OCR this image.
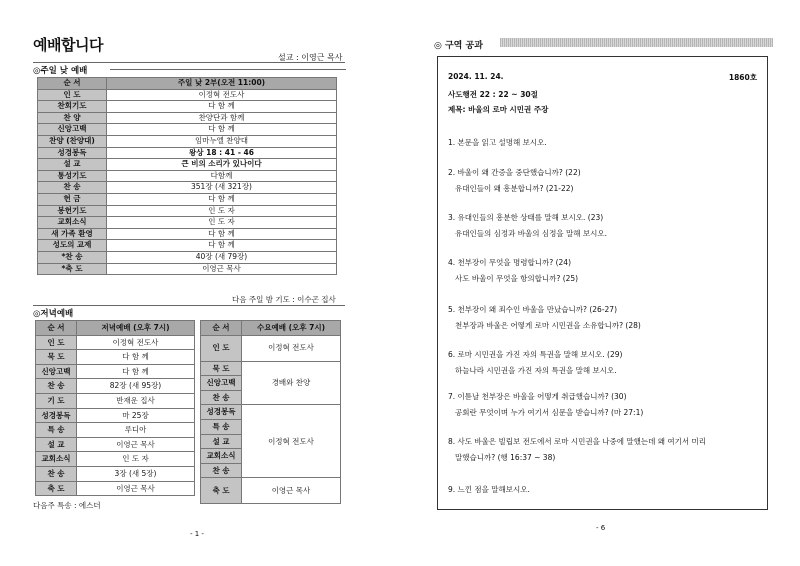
예배합니다
설교 : 이영근 목사
◎주일 낮 예배
순 서	주일 낮 2부(오전 11:00)
인 도	이정혁 전도사
찬회기도	다 함 께
찬 양	찬양단과 함께
신앙고백	다 함 께
찬양 (찬양대)	임마누엘 찬양대
성경봉독	왕상 18 : 41 - 46
설 교	큰 비의 소리가 있나이다
통성기도	다함께
찬 송	351장 (새 321장)
헌 금	다 함 께
봉헌기도	인 도 자
교회소식	인 도 자
새 가족 환영	다 함 께
성도의 교제	다 함 께
*찬 송	40장 (새 79장)
*축 도	이영근 목사
다음 주일 밤 기도 : 이수곤 집사
◎저녁예배
순 서	저녁예배 (오후 7시)
인 도	이정혁 전도사
묵 도	다 함 께
신앙고백	다 함 께
찬 송	82장 (새 95장)
기 도	반재운 집사
성경봉독	마 25장
특 송	루디아
설 교	이영근 목사
교회소식	인 도 자
찬 송	3장 (새 5장)
축 도	이영근 목사
순 서	수요예배 (오후 7시)
인 도	이정혁 전도사
묵 도	경배와 찬양
신앙고백	
찬 송	
성경봉독	이정혁 전도사
특 송	
설 교	
교회소식	
찬 송	
축 도	이영근 목사
다음주 특송 : 에스더
- 1 -
◎ 구역 공과
2024. 11. 24.	1860호
사도행전 22 : 22 ~ 30절
제목: 바울의 로마 시민권 주장
1. 본문을 읽고 설명해 보시오.
2. 바울이 왜 간증을 중단했습니까? (22)
유대인들이 왜 흥분합니까? (21-22)
3. 유대인들의 흥분한 상태를 말해 보시오. (23)
유대인들의 심정과 바울의 심정을 말해 보시오.
4. 천부장이 무엇을 명령합니까? (24)
사도 바울이 무엇을 항의합니까? (25)
5. 천부장이 왜 죄수인 바울을 만났습니까? (26-27)
천부장과 바울은 어떻게 로마 시민권을 소유합니까? (28)
6. 로마 시민권을 가진 자의 특권을 말해 보시오. (29)
하늘나라 시민권을 가진 자의 특권을 말해 보시오.
7. 이튿날 천부장은 바울을 어떻게 취급했습니까? (30)
공회란 무엇이며 누가 여기서 심문을 받습니까? (마 27:1)
8. 사도 바울은 빌립보 전도에서 로마 시민권을 나중에 말했는데 왜 여기서 미리
말했습니까? (행 16:37 ~ 38)
9. 느낀 점을 말해보시오.
- 6
